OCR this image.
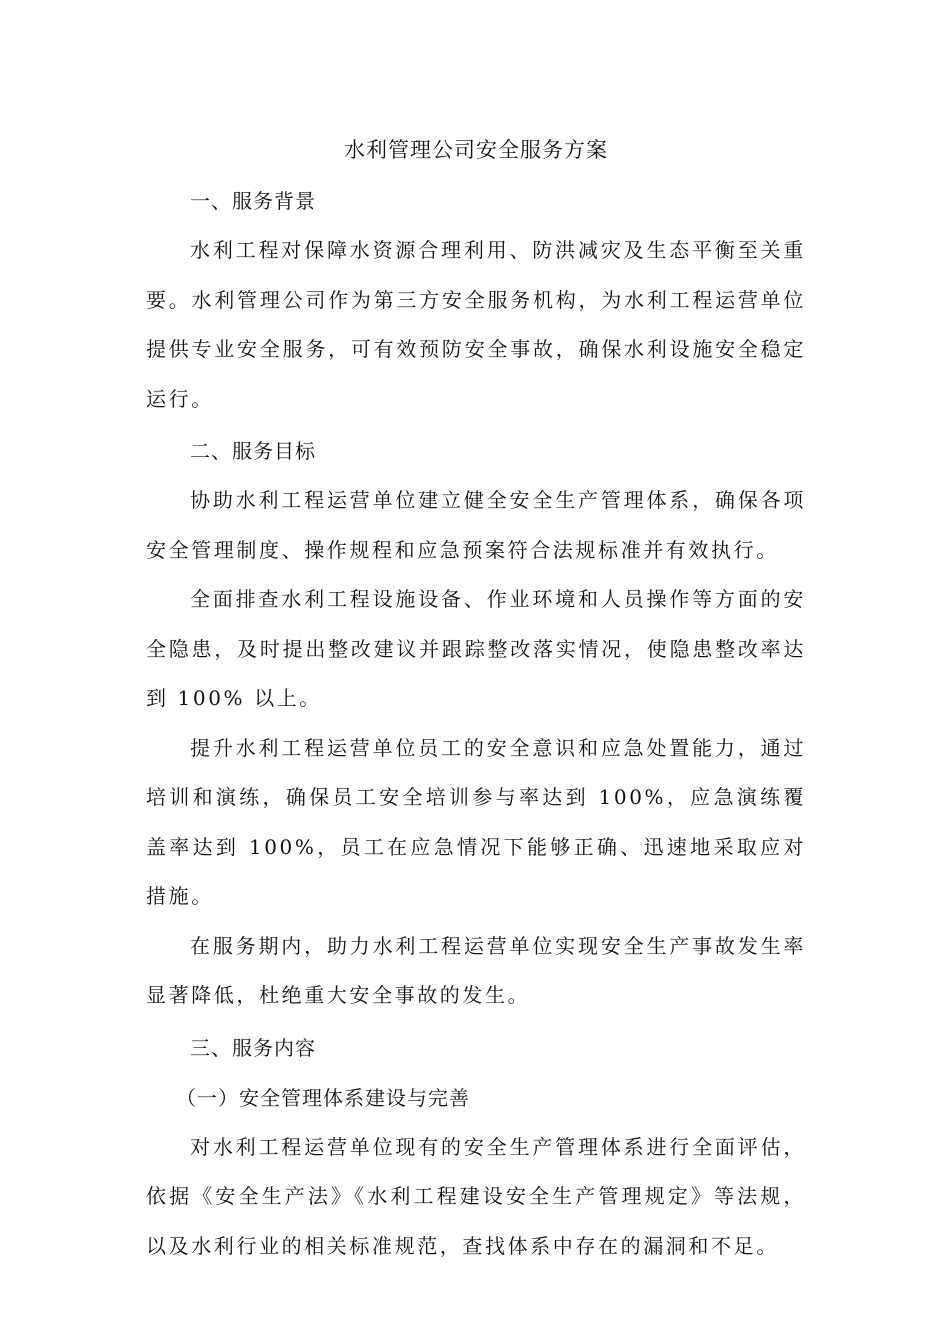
水利管理公司安全服务方案
一、服务背景

水利工程对保障水资源合理利用、防洪减灾及生态平衡至关重要。水利管理公司作为第三方安全服务机构，为水利工程运营单位提供专业安全服务，可有效预防安全事故，确保水利设施安全稳定运行。

二、服务目标

协助水利工程运营单位建立健全安全生产管理体系，确保各项安全管理制度、操作规程和应急预案符合法规标准并有效执行。

全面排查水利工程设施设备、作业环境和人员操作等方面的安全隐患，及时提出整改建议并跟踪整改落实情况，使隐患整改率达到 100% 以上。

提升水利工程运营单位员工的安全意识和应急处置能力，通过培训和演练，确保员工安全培训参与率达到 100%，应急演练覆盖率达到 100%，员工在应急情况下能够正确、迅速地采取应对措施。

在服务期内，助力水利工程运营单位实现安全生产事故发生率显著降低，杜绝重大安全事故的发生。

三、服务内容
（一）安全管理体系建设与完善

对水利工程运营单位现有的安全生产管理体系进行全面评估，依据《安全生产法》《水利工程建设安全生产管理规定》等法规，以及水利行业的相关标准规范，查找体系中存在的漏洞和不足。
